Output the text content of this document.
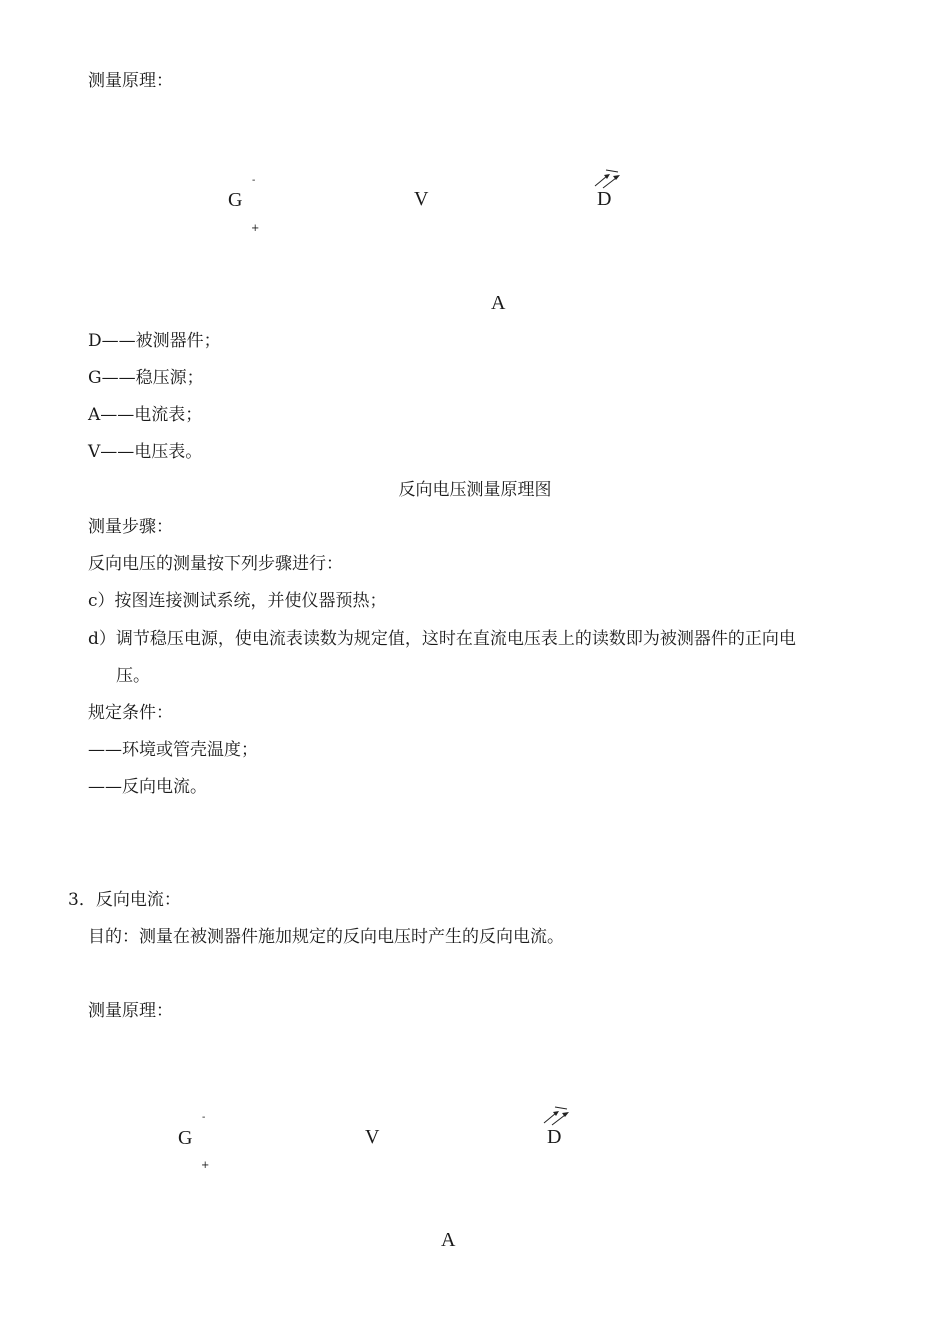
测量原理：
G
-
+
V	D
A
D——被测器件；
G——稳压源；
A——电流表；
V——电压表。
反向电压测量原理图
测量步骤：
反向电压的测量按下列步骤进行：
c）按图连接测试系统，并使仪器预热；
d）调节稳压电源，使电流表读数为规定值，这时在直流电压表上的读数即为被测器件的正向电
压。
规定条件：
——环境或管壳温度；
——反向电流。
3．反向电流：
目的：测量在被测器件施加规定的反向电压时产生的反向电流。
测量原理：
G
-
+
V	D
A
